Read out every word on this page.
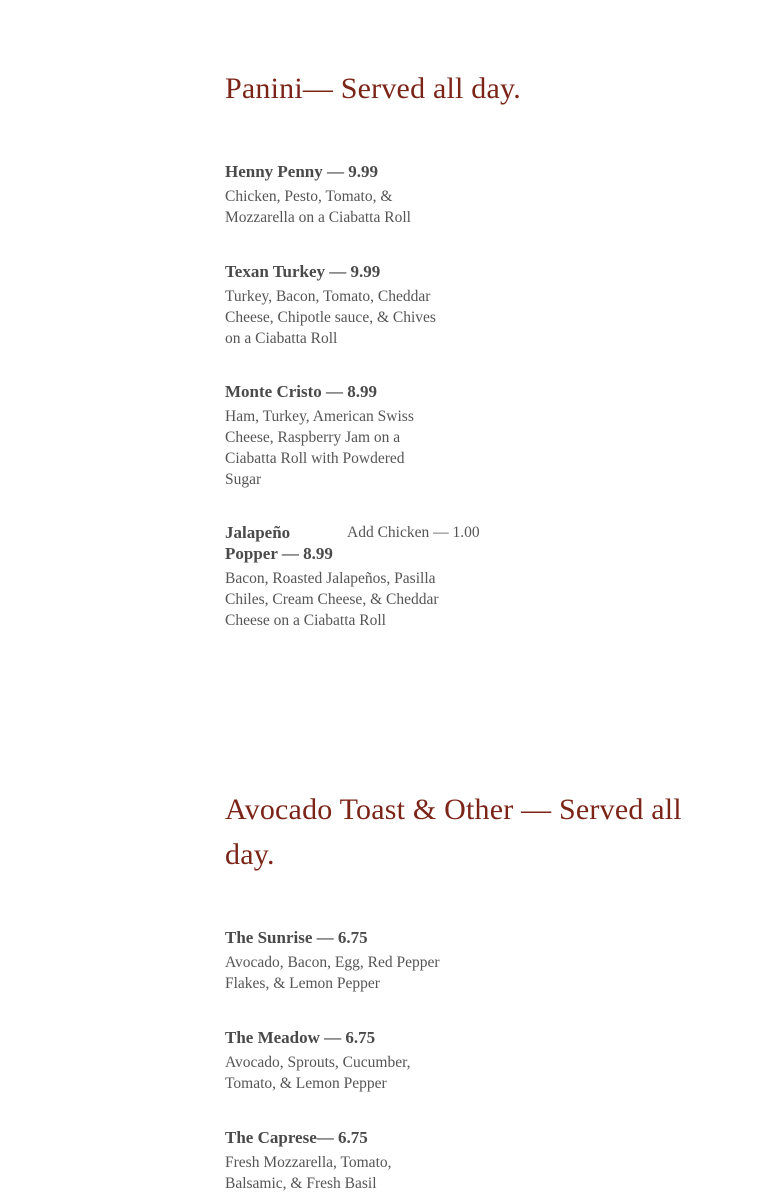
Panini— Served all day.
Henny Penny — 9.99
Chicken, Pesto, Tomato, & Mozzarella on a Ciabatta Roll
Texan Turkey — 9.99
Turkey, Bacon, Tomato, Cheddar Cheese, Chipotle sauce, & Chives on a Ciabatta Roll
Monte Cristo — 8.99
Ham, Turkey, American Swiss Cheese, Raspberry Jam on a Ciabatta Roll with Powdered Sugar
Jalapeño Popper — 8.99
Bacon, Roasted Jalapeños, Pasilla Chiles, Cream Cheese, & Cheddar Cheese on a Ciabatta Roll
Add Chicken — 1.00
Avocado Toast & Other — Served all day.
The Sunrise — 6.75
Avocado, Bacon, Egg, Red Pepper Flakes, & Lemon Pepper
The Meadow — 6.75
Avocado, Sprouts, Cucumber, Tomato, & Lemon Pepper
The Caprese— 6.75
Fresh Mozzarella, Tomato, Balsamic, & Fresh Basil
